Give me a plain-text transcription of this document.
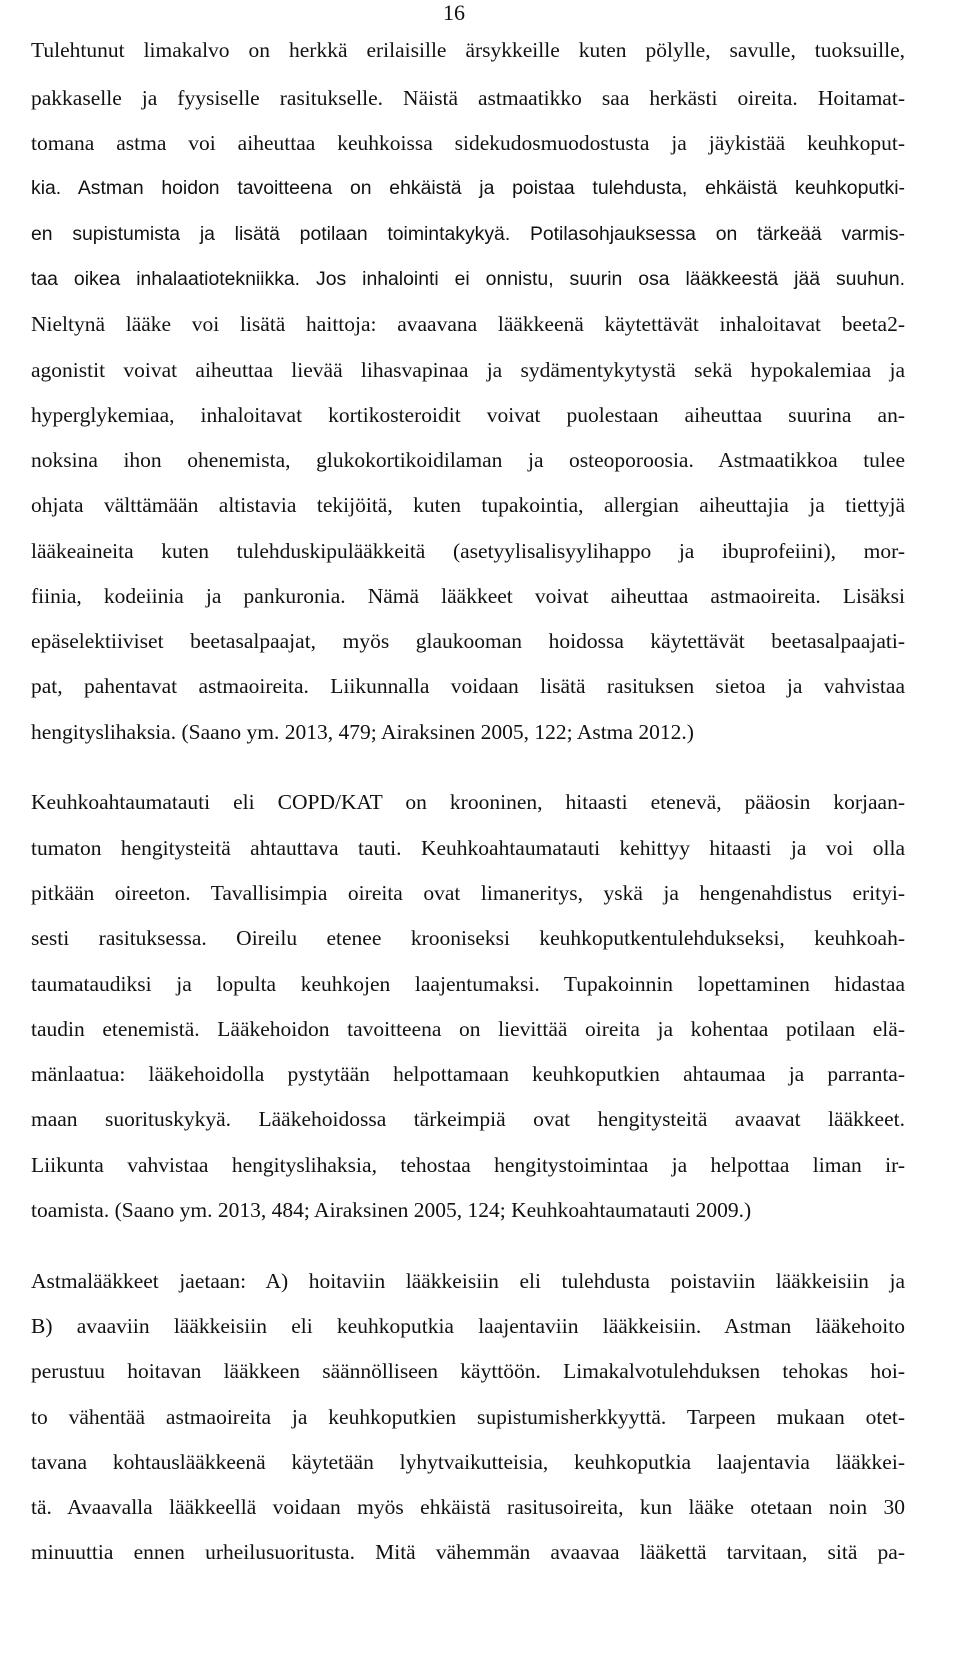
16
Tulehtunut limakalvo on herkkä erilaisille ärsykkeille kuten pölylle, savulle, tuoksuille,
pakkaselle ja fyysiselle rasitukselle. Näistä astmaatikko saa herkästi oireita. Hoitamat-
tomana astma voi aiheuttaa keuhkoissa sidekudosmuodostusta ja jäykistää keuhkoput-
kia. Astman hoidon tavoitteena on ehkäistä ja poistaa tulehdusta, ehkäistä keuhkoputki-
en supistumista ja lisätä potilaan toimintakykyä. Potilasohjauksessa on tärkeää varmis-
taa oikea inhalaatiotekniikka. Jos inhalointi ei onnistu, suurin osa lääkkeestä jää suuhun.
Nieltynä lääke voi lisätä haittoja: avaavana lääkkeenä käytettävät inhaloitavat beeta2-
agonistit voivat aiheuttaa lievää lihasvapinaa ja sydämentykytystä sekä hypokalemiaa ja
hyperglykemiaa, inhaloitavat kortikosteroidit voivat puolestaan aiheuttaa suurina an-
noksina ihon ohenemista, glukokortikoidilaman ja osteoporoosia. Astmaatikkoa tulee
ohjata välttämään altistavia tekijöitä, kuten tupakointia, allergian aiheuttajia ja tiettyjä
lääkeaineita kuten tulehduskipulääkkeitä (asetyylisalisyylihappo ja ibuprofeiini), mor-
fiinia, kodeiinia ja pankuronia. Nämä lääkkeet voivat aiheuttaa astmaoireita. Lisäksi
epäselektiiviset beetasalpaajat, myös glaukooman hoidossa käytettävät beetasalpaajati-
pat, pahentavat astmaoireita. Liikunnalla voidaan lisätä rasituksen sietoa ja vahvistaa
hengityslihaksia. (Saano ym. 2013, 479; Airaksinen 2005, 122; Astma 2012.)
Keuhkoahtaumatauti eli COPD/KAT on krooninen, hitaasti etenevä, pääosin korjaan-
tumaton hengitysteitä ahtauttava tauti. Keuhkoahtaumatauti kehittyy hitaasti ja voi olla
pitkään oireeton. Tavallisimpia oireita ovat limaneritys, yskä ja hengenahdistus erityi-
sesti rasituksessa. Oireilu etenee krooniseksi keuhkoputkentulehdukseksi, keuhkoah-
taumataudiksi ja lopulta keuhkojen laajentumaksi. Tupakoinnin lopettaminen hidastaa
taudin etenemistä. Lääkehoidon tavoitteena on lievittää oireita ja kohentaa potilaan elä-
mänlaatua: lääkehoidolla pystytään helpottamaan keuhkoputkien ahtaumaa ja parranta-
maan suorituskykyä. Lääkehoidossa tärkeimpiä ovat hengitysteitä avaavat lääkkeet.
Liikunta vahvistaa hengityslihaksia, tehostaa hengitystoimintaa ja helpottaa liman ir-
toamista. (Saano ym. 2013, 484; Airaksinen 2005, 124; Keuhkoahtaumatauti 2009.)
Astmalääkkeet jaetaan: A) hoitaviin lääkkeisiin eli tulehdusta poistaviin lääkkeisiin ja
B) avaaviin lääkkeisiin eli keuhkoputkia laajentaviin lääkkeisiin. Astman lääkehoito
perustuu hoitavan lääkkeen säännölliseen käyttöön. Limakalvotulehduksen tehokas hoi-
to vähentää astmaoireita ja keuhkoputkien supistumisherkkyyttä. Tarpeen mukaan otet-
tavana kohtauslääkkeenä käytetään lyhytvaikutteisia, keuhkoputkia laajentavia lääkkei-
tä. Avaavalla lääkkeellä voidaan myös ehkäistä rasitusoireita, kun lääke otetaan noin 30
minuuttia ennen urheilusuoritusta. Mitä vähemmän avaavaa lääkettä tarvitaan, sitä pa-
